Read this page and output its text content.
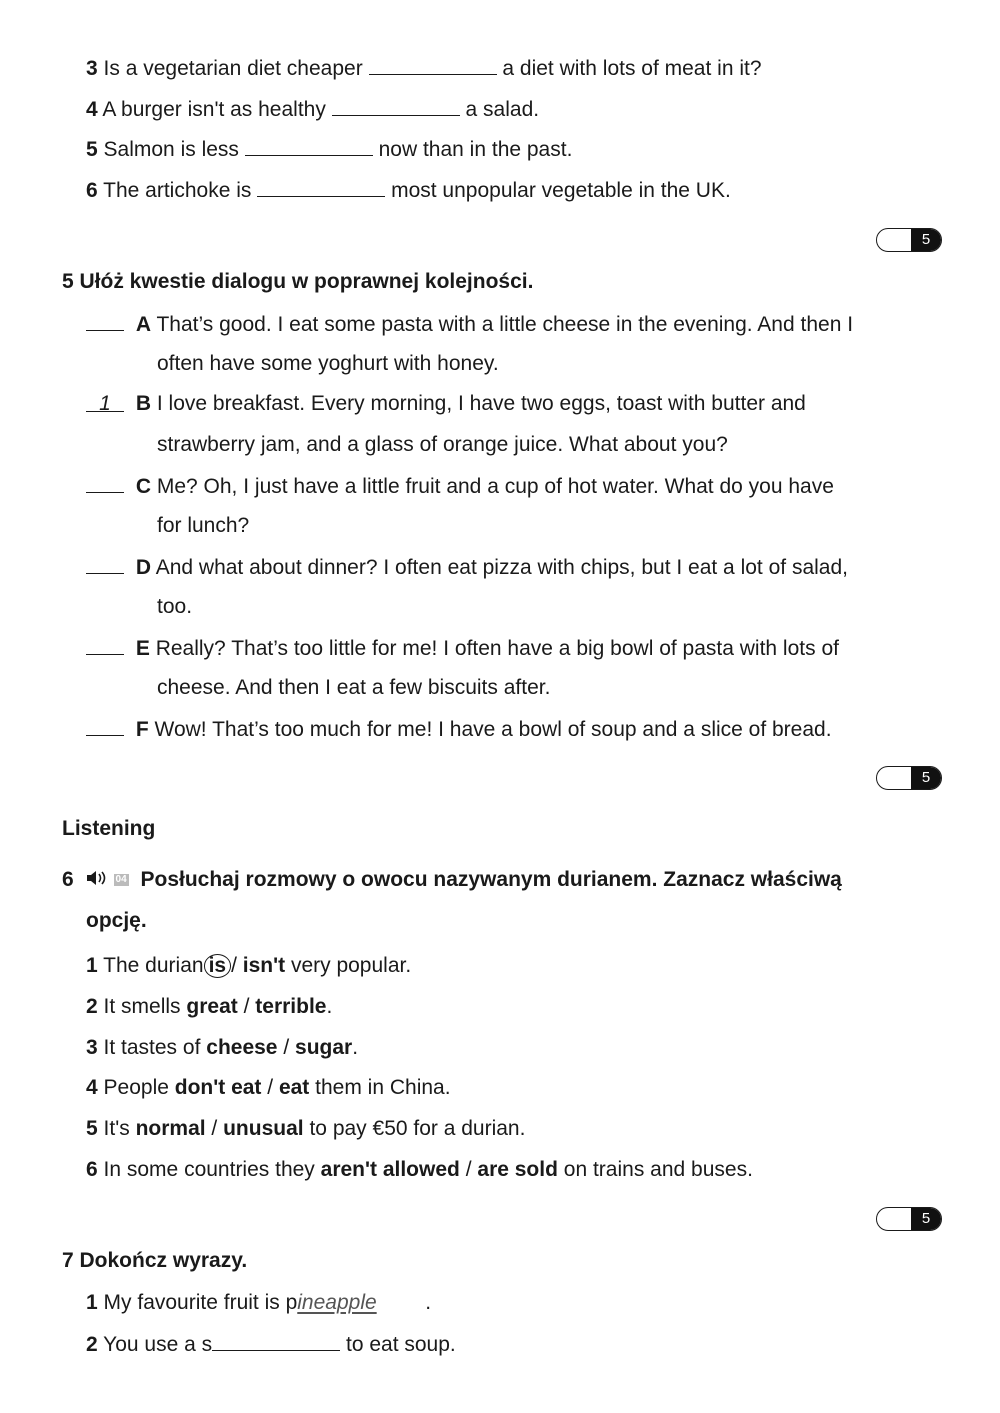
3 Is a vegetarian diet cheaper	a diet with lots of meat in it?
4 A burger isn't as healthy	a salad.
5 Salmon is less	now than in the past.
6 The artichoke is	most unpopular vegetable in the UK.
5
5 Ułóż kwestie dialogu w poprawnej kolejności.
A That’s good. I eat some pasta with a little cheese in the evening. And then I
often have some yoghurt with honey.
1 B I love breakfast. Every morning, I have two eggs, toast with butter and
strawberry jam, and a glass of orange juice. What about you?
C Me? Oh, I just have a little fruit and a cup of hot water. What do you have
for lunch?
D And what about dinner? I often eat pizza with chips, but I eat a lot of salad,
too.
E Really? That’s too little for me! I often have a big bowl of pasta with lots of
cheese. And then I eat a few biscuits after.
F Wow! That’s too much for me! I have a bowl of soup and a slice of bread.
5
Listening
6	04 Posłuchaj rozmowy o owocu nazywanym durianem. Zaznacz właściwą
opcję.
1 The durian is / isn't very popular.
2 It smells great / terrible.
3 It tastes of cheese / sugar.
4 People don't eat / eat them in China.
5 It's normal / unusual to pay €50 for a durian.
6 In some countries they aren't allowed / are sold on trains and buses.
5
7 Dokończ wyrazy.
1 My favourite fruit is pineapple .
2 You use a s	to eat soup.
